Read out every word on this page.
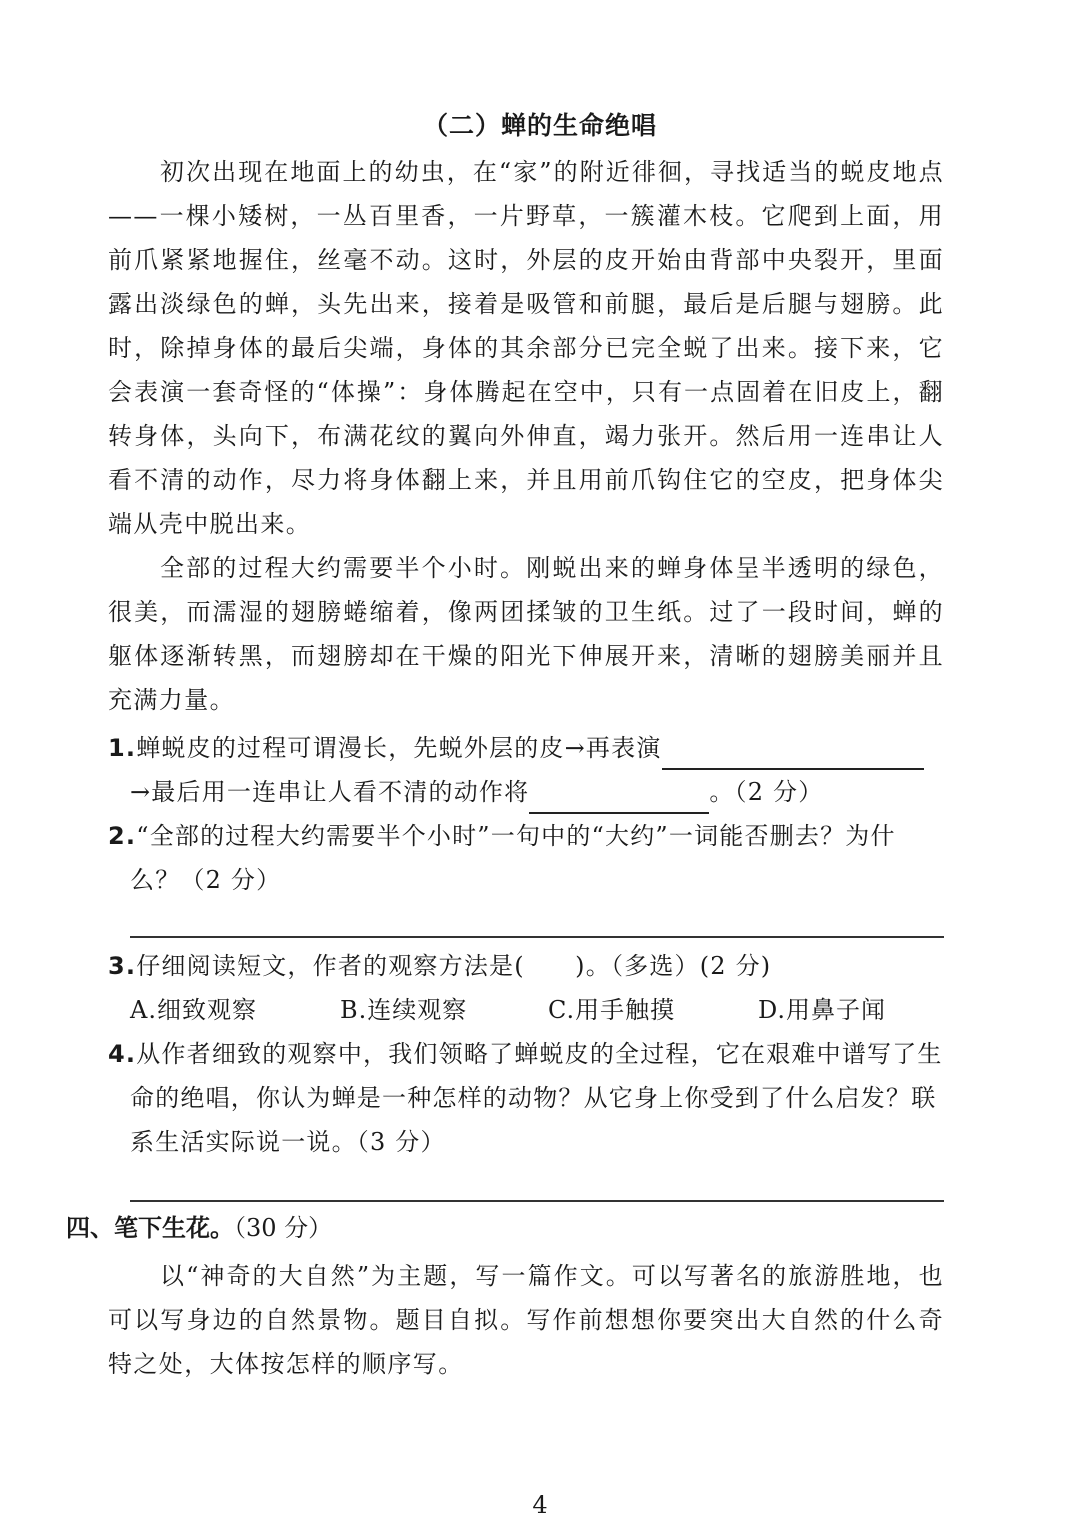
（二）蝉的生命绝唱

初次出现在地面上的幼虫，在“家”的附近徘徊，寻找适当的蜕皮地点——一棵小矮树，一丛百里香，一片野草，一簇灌木枝。它爬到上面，用前爪紧紧地握住，丝毫不动。这时，外层的皮开始由背部中央裂开，里面露出淡绿色的蝉，头先出来，接着是吸管和前腿，最后是后腿与翅膀。此时，除掉身体的最后尖端，身体的其余部分已完全蜕了出来。接下来，它会表演一套奇怪的“体操”：身体腾起在空中，只有一点固着在旧皮上，翻转身体，头向下，布满花纹的翼向外伸直，竭力张开。然后用一连串让人看不清的动作，尽力将身体翻上来，并且用前爪钩住它的空皮，把身体尖端从壳中脱出来。

全部的过程大约需要半个小时。刚蜕出来的蝉身体呈半透明的绿色，很美，而濡湿的翅膀蜷缩着，像两团揉皱的卫生纸。过了一段时间，蝉的躯体逐渐转黑，而翅膀却在干燥的阳光下伸展开来，清晰的翅膀美丽并且充满力量。

1.蝉蜕皮的过程可谓漫长，先蜕外层的皮→再表演
→最后用一连串让人看不清的动作将	。（2 分）
2.“全部的过程大约需要半个小时”一句中的“大约”一词能否删去？为什么？（2 分）
3.仔细阅读短文，作者的观察方法是(　　)。（多选）(2 分)
A.细致观察	B.连续观察	C.用手触摸	D.用鼻子闻
4.从作者细致的观察中，我们领略了蝉蜕皮的全过程，它在艰难中谱写了生命的绝唱，你认为蝉是一种怎样的动物？从它身上你受到了什么启发？联系生活实际说一说。（3 分）
四、笔下生花。（30 分）

以“神奇的大自然”为主题，写一篇作文。可以写著名的旅游胜地，也可以写身边的自然景物。题目自拟。写作前想想你要突出大自然的什么奇特之处，大体按怎样的顺序写。

4
